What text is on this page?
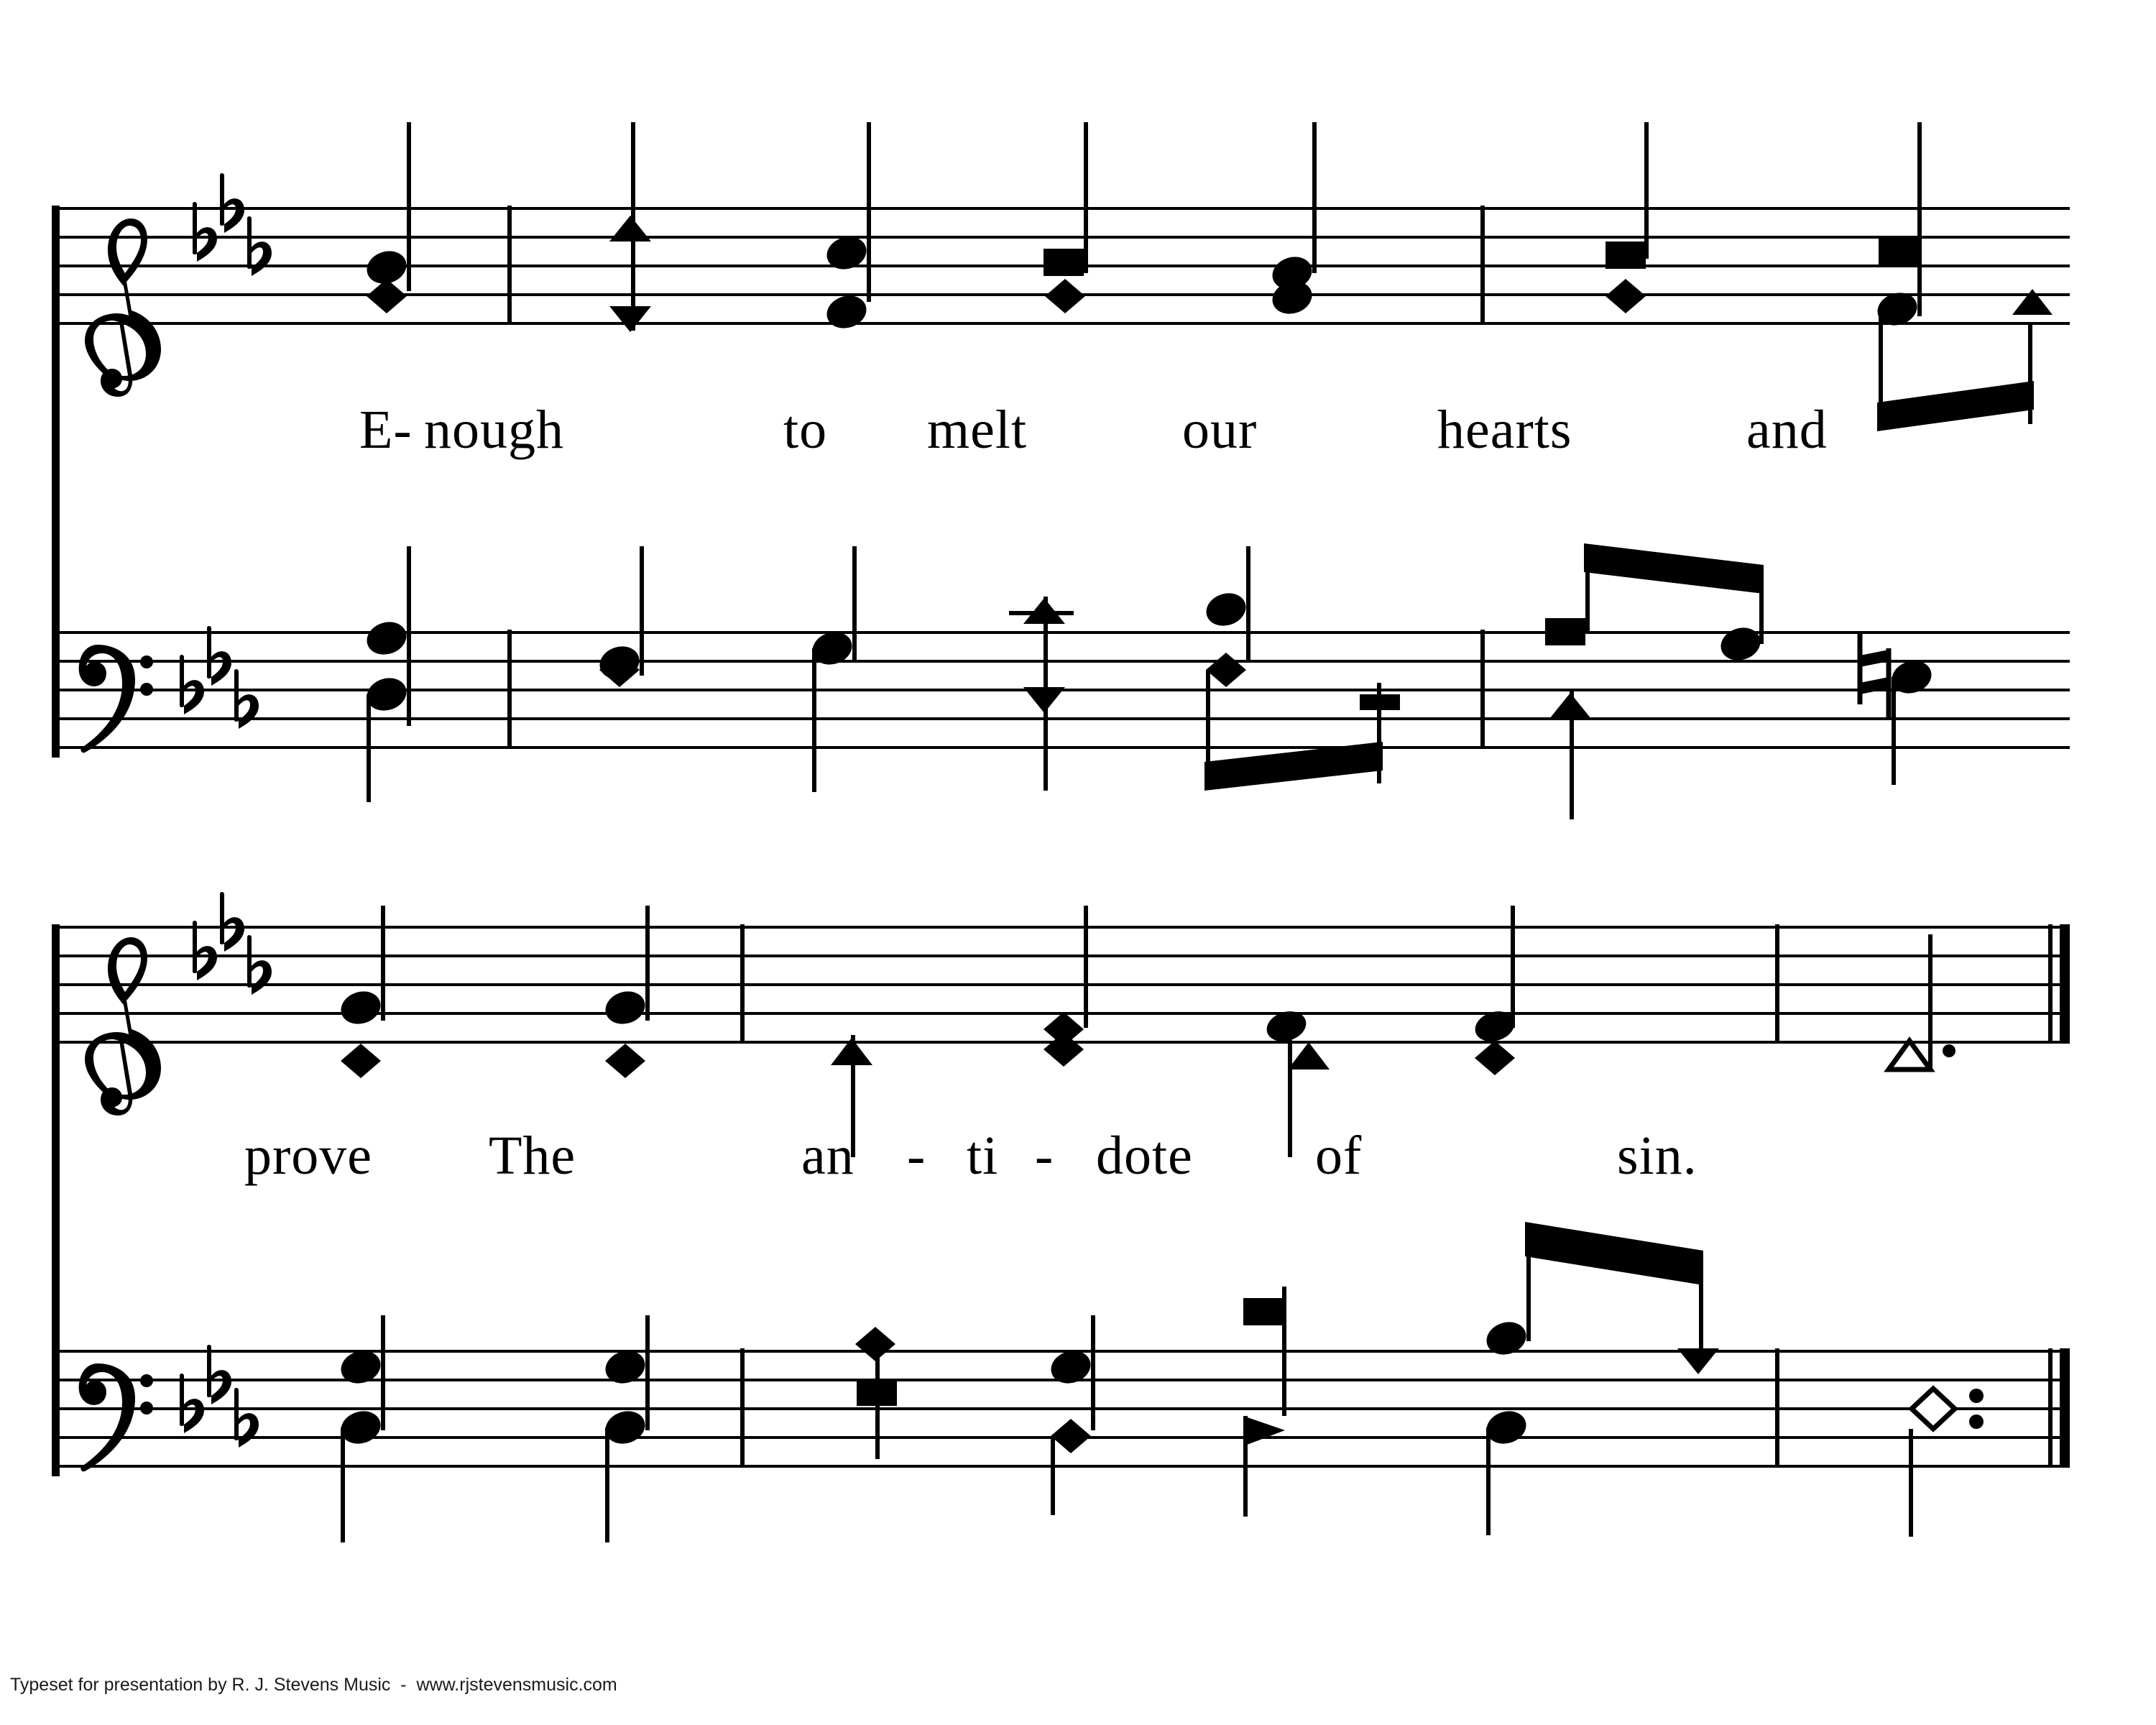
E- nough	to melt	our	hearts	and
prove The	an - ti - dote of	sin.
Typeset for presentation by R. J. Stevens Music  -  www.rjstevensmusic.com
